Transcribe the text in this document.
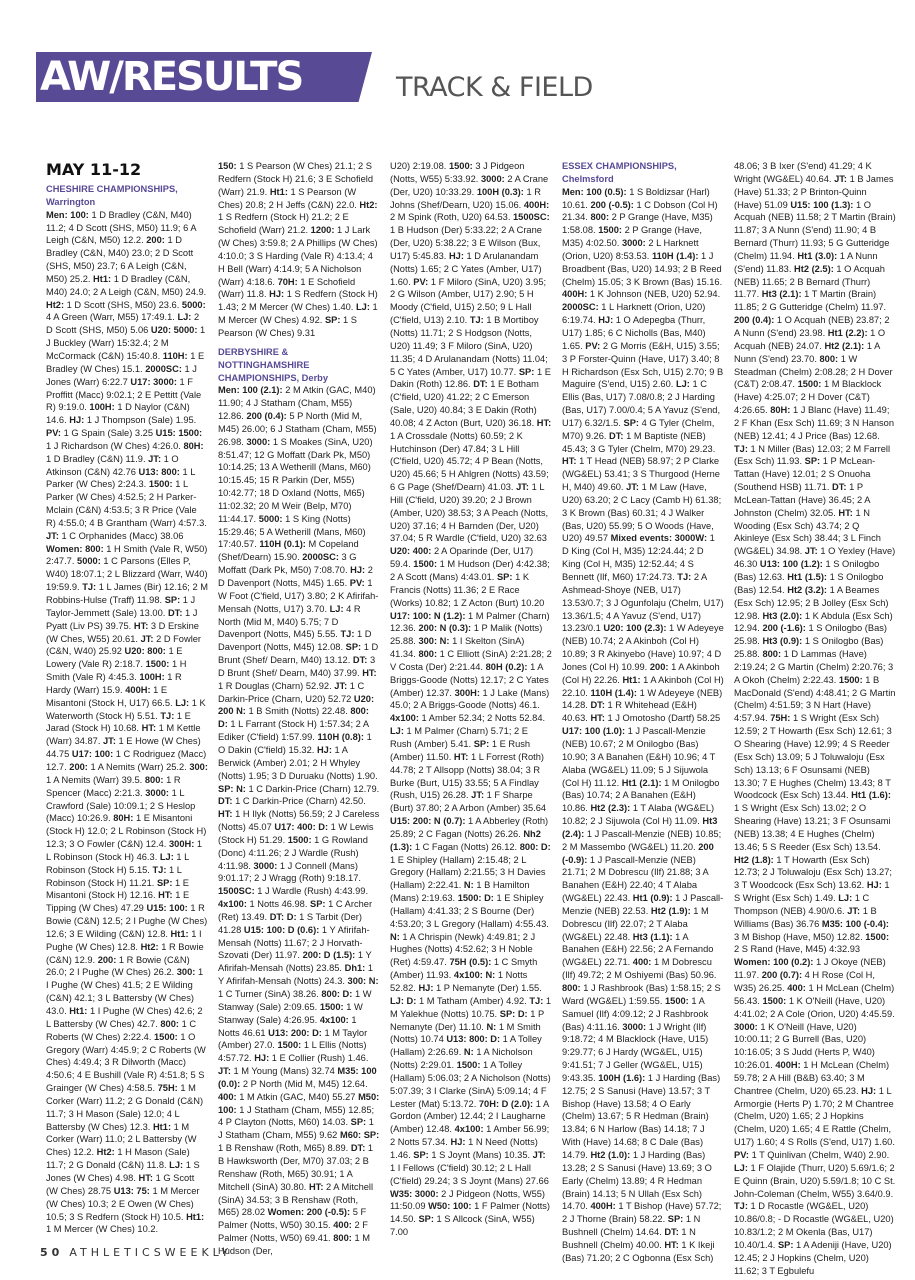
AW/RESULTS	TRACK & FIELD
MAY 11-12
CHESHIRE CHAMPIONSHIPS, Warrington
Men: 100: 1 D Bradley (C&N, M40) 11.2; 4 D Scott (SHS, M50) 11.9; 6 A Leigh (C&N, M50) 12.2. 200: 1 D Bradley (C&N, M40) 23.0; 2 D Scott (SHS, M50) 23.7; 6 A Leigh (C&N, M50) 25.2. Ht1: 1 D Bradley (C&N, M40) 24.0; 2 A Leigh (C&N, M50) 24.9. Ht2: 1 D Scott (SHS, M50) 23.6. 5000: 4 A Green (Warr, M55) 17:49.1. LJ: 2 D Scott (SHS, M50) 5.06 U20: 5000: 1 J Buckley (Warr) 15:32.4; 2 M McCormack (C&N) 15:40.8. 110H: 1 E Bradley (W Ches) 15.1. 2000SC: 1 J Jones (Warr) 6:22.7 U17: 3000: 1 F Proffitt (Macc) 9:02.1; 2 E Pettitt (Vale R) 9:19.0. 100H: 1 D Naylor (C&N) 14.6. HJ: 1 J Thompson (Sale) 1.95. PV: 1 G Spain (Sale) 3.25 U15: 1500: 1 J Richardson (W Ches) 4:26.0. 80H: 1 D Bradley (C&N) 11.9. JT: 1 O Atkinson (C&N) 42.76 U13: 800: 1 L Parker (W Ches) 2:24.3. 1500: 1 L Parker (W Ches) 4:52.5; 2 H Parker-Mclain (C&N) 4:53.5; 3 R Price (Vale R) 4:55.0; 4 B Grantham (Warr) 4:57.3. JT: 1 C Orphanides (Macc) 38.06 Women: 800: 1 H Smith (Vale R, W50) 2:47.7. 5000: 1 C Parsons (Elles P, W40) 18:07.1; 2 L Blizzard (Warr, W40) 19:59.9. TJ: 1 L James (Bir) 12.16; 2 M Robbins-Hulse (Traff) 11.98. SP: 1 J Taylor-Jemmett (Sale) 13.00. DT: 1 J Pyatt (Liv PS) 39.75. HT: 3 D Erskine (W Ches, W55) 20.61. JT: 2 D Fowler (C&N, W40) 25.92 U20: 800: 1 E Lowery (Vale R) 2:18.7. 1500: 1 H Smith (Vale R) 4:45.3. 100H: 1 R Hardy (Warr) 15.9. 400H: 1 E Misantoni (Stock H, U17) 66.5. LJ: 1 K Waterworth (Stock H) 5.51. TJ: 1 E Jarad (Stock H) 10.68. HT: 1 M Kettle (Warr) 34.87. JT: 1 E Howe (W Ches) 44.75 U17: 100: 1 C Rodriguez (Macc) 12.7. 200: 1 A Nemits (Warr) 25.2. 300: 1 A Nemits (Warr) 39.5. 800: 1 R Spencer (Macc) 2:21.3. 3000: 1 L Crawford (Sale) 10:09.1; 2 S Heslop (Macc) 10:26.9. 80H: 1 E Misantoni (Stock H) 12.0; 2 L Robinson (Stock H) 12.3; 3 O Fowler (C&N) 12.4. 300H: 1 L Robinson (Stock H) 46.3. LJ: 1 L Robinson (Stock H) 5.15. TJ: 1 L Robinson (Stock H) 11.21. SP: 1 E Misantoni (Stock H) 12.16. HT: 1 E Tipping (W Ches) 47.29 U15: 100: 1 R Bowie (C&N) 12.5; 2 I Pughe (W Ches) 12.6; 3 E Wilding (C&N) 12.8. Ht1: 1 I Pughe (W Ches) 12.8. Ht2: 1 R Bowie (C&N) 12.9. 200: 1 R Bowie (C&N) 26.0; 2 I Pughe (W Ches) 26.2. 300: 1 I Pughe (W Ches) 41.5; 2 E Wilding (C&N) 42.1; 3 L Battersby (W Ches) 43.0. Ht1: 1 I Pughe (W Ches) 42.6; 2 L Battersby (W Ches) 42.7. 800: 1 C Roberts (W Ches) 2:22.4. 1500: 1 O Gregory (Warr) 4:45.9; 2 C Roberts (W Ches) 4:49.4; 3 R Dilworth (Macc) 4:50.6; 4 E Bushill (Vale R) 4:51.8; 5 S Grainger (W Ches) 4:58.5. 75H: 1 M Corker (Warr) 11.2; 2 G Donald (C&N) 11.7; 3 H Mason (Sale) 12.0; 4 L Battersby (W Ches) 12.3. Ht1: 1 M Corker (Warr) 11.0; 2 L Battersby (W Ches) 12.2. Ht2: 1 H Mason (Sale) 11.7; 2 G Donald (C&N) 11.8. LJ: 1 S Jones (W Ches) 4.98. HT: 1 G Scott (W Ches) 28.75 U13: 75: 1 M Mercer (W Ches) 10.3; 2 E Owen (W Ches) 10.5; 3 S Redfern (Stock H) 10.5. Ht1: 1 M Mercer (W Ches) 10.2.
150: 1 S Pearson (W Ches) 21.1; 2 S Redfern (Stock H) 21.6; 3 E Schofield (Warr) 21.9. Ht1: 1 S Pearson (W Ches) 20.8; 2 H Jeffs (C&N) 22.0. Ht2: 1 S Redfern (Stock H) 21.2; 2 E Schofield (Warr) 21.2. 1200: 1 J Lark (W Ches) 3:59.8; 2 A Phillips (W Ches) 4:10.0; 3 S Harding (Vale R) 4:13.4; 4 H Bell (Warr) 4:14.9; 5 A Nicholson (Warr) 4:18.6. 70H: 1 E Schofield (Warr) 11.8. HJ: 1 S Redfern (Stock H) 1.43; 2 M Mercer (W Ches) 1.40. LJ: 1 M Mercer (W Ches) 4.92. SP: 1 S Pearson (W Ches) 9.31
DERBYSHIRE & NOTTINGHAMSHIRE CHAMPIONSHIPS, Derby
Men: 100 (2.1): 2 M Atkin (GAC, M40) 11.90; 4 J Statham (Cham, M55) 12.86. 200 (0.4): 5 P North (Mid M, M45) 26.00; 6 J Statham (Cham, M55) 26.98. 3000: 1 S Moakes (SinA, U20) 8:51.47; 12 G Moffatt (Dark Pk, M50) 10:14.25; 13 A Wetherill (Mans, M60) 10:15.45; 15 R Parkin (Der, M55) 10:42.77; 18 D Oxland (Notts, M65) 11:02.32; 20 M Weir (Belp, M70) 11:44.17. 5000: 1 S King (Notts) 15:29.46; 5 A Wetherill (Mans, M60) 17:40.57. 110H (0.1): M Copeland (Shef/Dearn) 15.90. 2000SC: 3 G Moffatt (Dark Pk, M50) 7:08.70. HJ: 2 D Davenport (Notts, M45) 1.65. PV: 1 W Foot (C'field, U17) 3.80; 2 K Afirifah-Mensah (Notts, U17) 3.70. LJ: 4 R North (Mid M, M40) 5.75; 7 D Davenport (Notts, M45) 5.55. TJ: 1 D Davenport (Notts, M45) 12.08. SP: 1 D Brunt (Shef/ Dearn, M40) 13.12. DT: 3 D Brunt (Shef/ Dearn, M40) 37.99. HT: 1 R Douglas (Charn) 52.92. JT: 1 C Darkin-Price (Charn, U20) 52.72 U20: 200 N: 1 B Smith (Notts) 22.48. 800: D: 1 L Farrant (Stock H) 1:57.34; 2 A Ediker (C'field) 1:57.99. 110H (0.8): 1 O Dakin (C'field) 15.32. HJ: 1 A Berwick (Amber) 2.01; 2 H Whyley (Notts) 1.95; 3 D Duruaku (Notts) 1.90. SP: N: 1 C Darkin-Price (Charn) 12.79. DT: 1 C Darkin-Price (Charn) 42.50. HT: 1 H Ilyk (Notts) 56.59; 2 J Careless (Notts) 45.07 U17: 400: D: 1 W Lewis (Stock H) 51.29. 1500: 1 G Rowland (Donc) 4:11.26; 2 J Wardle (Rush) 4:11.98. 3000: 1 J Connell (Mans) 9:01.17; 2 J Wragg (Roth) 9:18.17. 1500SC: 1 J Wardle (Rush) 4:43.99. 4x100: 1 Notts 46.98. SP: 1 C Archer (Ret) 13.49. DT: D: 1 S Tarbit (Der) 41.28 U15: 100: D (0.6): 1 Y Afirifah-Mensah (Notts) 11.67; 2 J Horvath-Szovati (Der) 11.97. 200: D (1.5): 1 Y Afirifah-Mensah (Notts) 23.85. Dh1: 1 Y Afirifah-Mensah (Notts) 24.3. 300: N: 1 C Turner (SinA) 38.26. 800: D: 1 W Stanway (Sale) 2:09.65. 1500: 1 W Stanway (Sale) 4:26.95. 4x100: 1 Notts 46.61 U13: 200: D: 1 M Taylor (Amber) 27.0. 1500: 1 L Ellis (Notts) 4:57.72. HJ: 1 E Collier (Rush) 1.46. JT: 1 M Young (Mans) 32.74 M35: 100 (0.0): 2 P North (Mid M, M45) 12.64. 400: 1 M Atkin (GAC, M40) 55.27 M50: 100: 1 J Statham (Cham, M55) 12.85; 4 P Clayton (Notts, M60) 14.03. SP: 1 J Statham (Cham, M55) 9.62 M60: SP: 1 B Renshaw (Roth, M65) 8.89. DT: 1 B Hawksworth (Der, M70) 37.03; 2 B Renshaw (Roth, M65) 30.91; 1 A Mitchell (SinA) 30.80. HT: 2 A Mitchell (SinA) 34.53; 3 B Renshaw (Roth, M65) 28.02 Women: 200 (-0.5): 5 F Palmer (Notts, W50) 30.15. 400: 2 F Palmer (Notts, W50) 69.41. 800: 1 M Hudson (Der,
U20) 2:19.08. 1500: 3 J Pidgeon (Notts, W55) 5:33.92. 3000: 2 A Crane (Der, U20) 10:33.29. 100H (0.3): 1 R Johns (Shef/Dearn, U20) 15.06. 400H: 2 M Spink (Roth, U20) 64.53. 1500SC: 1 B Hudson (Der) 5:33.22; 2 A Crane (Der, U20) 5:38.22; 3 E Wilson (Bux, U17) 5:45.83. HJ: 1 D Arulanandam (Notts) 1.65; 2 C Yates (Amber, U17) 1.60. PV: 1 F Miloro (SinA, U20) 3.95; 2 G Wilson (Amber, U17) 2.90; 5 H Moody (C'field, U15) 2.50; 9 L Hall (C'field, U13) 2.10. TJ: 1 B Mortiboy (Notts) 11.71; 2 S Hodgson (Notts, U20) 11.49; 3 F Miloro (SinA, U20) 11.35; 4 D Arulanandam (Notts) 11.04; 5 C Yates (Amber, U17) 10.77. SP: 1 E Dakin (Roth) 12.86. DT: 1 E Botham (C'field, U20) 41.22; 2 C Emerson (Sale, U20) 40.84; 3 E Dakin (Roth) 40.08; 4 Z Acton (Burt, U20) 36.18. HT: 1 A Crossdale (Notts) 60.59; 2 K Hutchinson (Der) 47.84; 3 L Hill (C'field, U20) 45.72; 4 P Bean (Notts, U20) 45.66; 5 H Ahlgren (Notts) 43.59; 6 G Page (Shef/Dearn) 41.03. JT: 1 L Hill (C'field, U20) 39.20; 2 J Brown (Amber, U20) 38.53; 3 A Peach (Notts, U20) 37.16; 4 H Barnden (Der, U20) 37.04; 5 R Wardle (C'field, U20) 32.63 U20: 400: 2 A Oparinde (Der, U17) 59.4. 1500: 1 M Hudson (Der) 4:42.38; 2 A Scott (Mans) 4:43.01. SP: 1 K Francis (Notts) 11.36; 2 E Race (Works) 10.82; 1 Z Acton (Burt) 10.20 U17: 100: N (1.2): 1 M Palmer (Charn) 12.36. 200: N (0.3): 1 P Malik (Notts) 25.88. 300: N: 1 I Skelton (SinA) 41.34. 800: 1 C Elliott (SinA) 2:21.28; 2 V Costa (Der) 2:21.44. 80H (0.2): 1 A Briggs-Goode (Notts) 12.17; 2 C Yates (Amber) 12.37. 300H: 1 J Lake (Mans) 45.0; 2 A Briggs-Goode (Notts) 46.1. 4x100: 1 Amber 52.34; 2 Notts 52.84. LJ: 1 M Palmer (Charn) 5.71; 2 E Rush (Amber) 5.41. SP: 1 E Rush (Amber) 11.50. HT: 1 L Forrest (Roth) 44.78; 2 T Allsopp (Notts) 38.04; 3 R Burke (Burt, U15) 33.55; 5 A Findlay (Rush, U15) 26.28. JT: 1 F Sharpe (Burt) 37.80; 2 A Arbon (Amber) 35.64 U15: 200: N (0.7): 1 A Abberley (Roth) 25.89; 2 C Fagan (Notts) 26.26. Nh2 (1.3): 1 C Fagan (Notts) 26.12. 800: D: 1 E Shipley (Hallam) 2:15.48; 2 L Gregory (Hallam) 2:21.55; 3 H Davies (Hallam) 2:22.41. N: 1 B Hamilton (Mans) 2:19.63. 1500: D: 1 E Shipley (Hallam) 4:41.33; 2 S Bourne (Der) 4:53.20; 3 L Gregory (Hallam) 4:55.43. N: 1 A Chrispin (Newk) 4:49.81; 2 J Hughes (Notts) 4:52.62; 3 H Noble (Ret) 4:59.47. 75H (0.5): 1 C Smyth (Amber) 11.93. 4x100: N: 1 Notts 52.82. HJ: 1 P Nemanyte (Der) 1.55. LJ: D: 1 M Tatham (Amber) 4.92. TJ: 1 M Yalekhue (Notts) 10.75. SP: D: 1 P Nemanyte (Der) 11.10. N: 1 M Smith (Notts) 10.74 U13: 800: D: 1 A Tolley (Hallam) 2:26.69. N: 1 A Nicholson (Notts) 2:29.01. 1500: 1 A Tolley (Hallam) 5:06.03; 2 A Nicholson (Notts) 5:07.39; 3 I Clarke (SinA) 5:09.14; 4 F Lester (Mat) 5:13.72. 70H: D (2.0): 1 A Gordon (Amber) 12.44; 2 I Laugharne (Amber) 12.48. 4x100: 1 Amber 56.99; 2 Notts 57.34. HJ: 1 N Need (Notts) 1.46. SP: 1 S Joynt (Mans) 10.35. JT: 1 I Fellows (C'field) 30.12; 2 L Hall (C'field) 29.24; 3 S Joynt (Mans) 27.66 W35: 3000: 2 J Pidgeon (Notts, W55) 11:50.09 W50: 100: 1 F Palmer (Notts) 14.50. SP: 1 S Allcock (SinA, W55) 7.00
ESSEX CHAMPIONSHIPS, Chelmsford
Men: 100 (0.5): 1 S Boldizsar (Harl) 10.61. 200 (-0.5): 1 C Dobson (Col H) 21.34. 800: 2 P Grange (Have, M35) 1:58.08. 1500: 2 P Grange (Have, M35) 4:02.50. 3000: 2 L Harknett (Orion, U20) 8:53.53. 110H (1.4): 1 J Broadbent (Bas, U20) 14.93; 2 B Reed (Chelm) 15.05; 3 K Brown (Bas) 15.16. 400H: 1 K Johnson (NEB, U20) 52.94. 2000SC: 1 L Harknett (Orion, U20) 6:19.74. HJ: 1 O Adepegba (Thurr, U17) 1.85; 6 C Nicholls (Bas, M40) 1.65. PV: 2 G Morris (E&H, U15) 3.55; 3 P Forster-Quinn (Have, U17) 3.40; 8 H Richardson (Esx Sch, U15) 2.70; 9 B Maguire (S'end, U15) 2.60. LJ: 1 C Ellis (Bas, U17) 7.08/0.8; 2 J Harding (Bas, U17) 7.00/0.4; 5 A Yavuz (S'end, U17) 6.32/1.5. SP: 4 G Tyler (Chelm, M70) 9.26. DT: 1 M Baptiste (NEB) 45.43; 3 G Tyler (Chelm, M70) 29.23. HT: 1 T Head (NEB) 58.97; 2 P Clarke (WG&EL) 53.41; 3 S Thurgood (Herne H, M40) 49.60. JT: 1 M Law (Have, U20) 63.20; 2 C Lacy (Camb H) 61.38; 3 K Brown (Bas) 60.31; 4 J Walker (Bas, U20) 55.99; 5 O Woods (Have, U20) 49.57 Mixed events: 3000W: 1 D King (Col H, M35) 12:24.44; 2 D King (Col H, M35) 12:52.44; 4 S Bennett (Ilf, M60) 17:24.73. TJ: 2 A Ashmead-Shoye (NEB, U17) 13.53/0.7; 3 J Ogunfolaju (Chelm, U17) 13.36/1.5; 4 A Yavuz (S'end, U17) 13.23/0.1 U20: 100 (2.3): 1 W Adeyeye (NEB) 10.74; 2 A Akinboh (Col H) 10.89; 3 R Akinyebo (Have) 10.97; 4 D Jones (Col H) 10.99. 200: 1 A Akinboh (Col H) 22.26. Ht1: 1 A Akinboh (Col H) 22.10. 110H (1.4): 1 W Adeyeye (NEB) 14.28. DT: 1 R Whitehead (E&H) 40.63. HT: 1 J Omotosho (Dartf) 58.25 U17: 100 (1.0): 1 J Pascall-Menzie (NEB) 10.67; 2 M Onilogbo (Bas) 10.90; 3 A Banahen (E&H) 10.96; 4 T Alaba (WG&EL) 11.09; 5 J Sijuwola (Col H) 11.12. Ht1 (2.1): 1 M Onilogbo (Bas) 10.74; 2 A Banahen (E&H) 10.86. Ht2 (2.3): 1 T Alaba (WG&EL) 10.82; 2 J Sijuwola (Col H) 11.09. Ht3 (2.4): 1 J Pascall-Menzie (NEB) 10.85; 2 M Massembo (WG&EL) 11.20. 200 (-0.9): 1 J Pascall-Menzie (NEB) 21.71; 2 M Dobrescu (Ilf) 21.88; 3 A Banahen (E&H) 22.40; 4 T Alaba (WG&EL) 22.43. Ht1 (0.9): 1 J Pascall-Menzie (NEB) 22.53. Ht2 (1.9): 1 M Dobrescu (Ilf) 22.07; 2 T Alaba (WG&EL) 22.48. Ht3 (1.1): 1 A Banahen (E&H) 22.56; 2 A Fernando (WG&EL) 22.71. 400: 1 M Dobrescu (Ilf) 49.72; 2 M Oshiyemi (Bas) 50.96. 800: 1 J Rashbrook (Bas) 1:58.15; 2 S Ward (WG&EL) 1:59.55. 1500: 1 A Samuel (Ilf) 4:09.12; 2 J Rashbrook (Bas) 4:11.16. 3000: 1 J Wright (Ilf) 9:18.72; 4 M Blacklock (Have, U15) 9:29.77; 6 J Hardy (WG&EL, U15) 9:41.51; 7 J Geller (WG&EL, U15) 9:43.35. 100H (1.6): 1 J Harding (Bas) 12.75; 2 S Sanusi (Have) 13.57; 3 T Bishop (Have) 13.58; 4 O Early (Chelm) 13.67; 5 R Hedman (Brain) 13.84; 6 N Harlow (Bas) 14.18; 7 J With (Have) 14.68; 8 C Dale (Bas) 14.79. Ht2 (1.0): 1 J Harding (Bas) 13.28; 2 S Sanusi (Have) 13.69; 3 O Early (Chelm) 13.89; 4 R Hedman (Brain) 14.13; 5 N Ullah (Esx Sch) 14.70. 400H: 1 T Bishop (Have) 57.72; 2 J Thorne (Brain) 58.22. SP: 1 N Bushnell (Chelm) 14.64. DT: 1 N Bushnell (Chelm) 40.00. HT: 1 K Ikeji (Bas) 71.20; 2 C Ogbonna (Esx Sch)
48.06; 3 B Ixer (S'end) 41.29; 4 K Wright (WG&EL) 40.64. JT: 1 B James (Have) 51.33; 2 P Brinton-Quinn (Have) 51.09 U15: 100 (1.3): 1 O Acquah (NEB) 11.58; 2 T Martin (Brain) 11.87; 3 A Nunn (S'end) 11.90; 4 B Bernard (Thurr) 11.93; 5 G Gutteridge (Chelm) 11.94. Ht1 (3.0): 1 A Nunn (S'end) 11.83. Ht2 (2.5): 1 O Acquah (NEB) 11.65; 2 B Bernard (Thurr) 11.77. Ht3 (2.1): 1 T Martin (Brain) 11.85; 2 G Gutteridge (Chelm) 11.97. 200 (0.4): 1 O Acquah (NEB) 23.87; 2 A Nunn (S'end) 23.98. Ht1 (2.2): 1 O Acquah (NEB) 24.07. Ht2 (2.1): 1 A Nunn (S'end) 23.70. 800: 1 W Steadman (Chelm) 2:08.28; 2 H Dover (C&T) 2:08.47. 1500: 1 M Blacklock (Have) 4:25.07; 2 H Dover (C&T) 4:26.65. 80H: 1 J Blanc (Have) 11.49; 2 F Khan (Esx Sch) 11.69; 3 N Hanson (NEB) 12.41; 4 J Price (Bas) 12.68. TJ: 1 N Miller (Bas) 12.03; 2 M Farrell (Esx Sch) 11.93. SP: 1 P McLean-Tattan (Have) 12.01; 2 S Onuoha (Southend HSB) 11.71. DT: 1 P McLean-Tattan (Have) 36.45; 2 A Johnston (Chelm) 32.05. HT: 1 N Wooding (Esx Sch) 43.74; 2 Q Akinleye (Esx Sch) 38.44; 3 L Finch (WG&EL) 34.98. JT: 1 O Yexley (Have) 46.30 U13: 100 (1.2): 1 S Onilogbo (Bas) 12.63. Ht1 (1.5): 1 S Onilogbo (Bas) 12.54. Ht2 (3.2): 1 A Beames (Esx Sch) 12.95; 2 B Jolley (Esx Sch) 12.98. Ht3 (2.0): 1 K Abdula (Esx Sch) 12.94. 200 (-1.6): 1 S Onilogbo (Bas) 25.98. Ht3 (0.9): 1 S Onilogbo (Bas) 25.88. 800: 1 D Lammas (Have) 2:19.24; 2 G Martin (Chelm) 2:20.76; 3 A Okoh (Chelm) 2:22.43. 1500: 1 B MacDonald (S'end) 4:48.41; 2 G Martin (Chelm) 4:51.59; 3 N Hart (Have) 4:57.94. 75H: 1 S Wright (Esx Sch) 12.59; 2 T Howarth (Esx Sch) 12.61; 3 O Shearing (Have) 12.99; 4 S Reeder (Esx Sch) 13.09; 5 J Toluwaloju (Esx Sch) 13.13; 6 F Osunsami (NEB) 13.30; 7 E Hughes (Chelm) 13.43; 8 T Woodcock (Esx Sch) 13.44. Ht1 (1.6): 1 S Wright (Esx Sch) 13.02; 2 O Shearing (Have) 13.21; 3 F Osunsami (NEB) 13.38; 4 E Hughes (Chelm) 13.46; 5 S Reeder (Esx Sch) 13.54. Ht2 (1.8): 1 T Howarth (Esx Sch) 12.73; 2 J Toluwaloju (Esx Sch) 13.27; 3 T Woodcock (Esx Sch) 13.62. HJ: 1 S Wright (Esx Sch) 1.49. LJ: 1 C Thompson (NEB) 4.90/0.6. JT: 1 B Williams (Bas) 36.76 M35: 100 (-0.4): 3 M Bishop (Have, M50) 12.82. 1500: 2 S Rand (Have, M45) 4:32.93 Women: 100 (0.2): 1 J Okoye (NEB) 11.97. 200 (0.7): 4 H Rose (Col H, W35) 26.25. 400: 1 H McLean (Chelm) 56.43. 1500: 1 K O'Neill (Have, U20) 4:41.02; 2 A Cole (Orion, U20) 4:45.59. 3000: 1 K O'Neill (Have, U20) 10:00.11; 2 G Burrell (Bas, U20) 10:16.05; 3 S Judd (Herts P, W40) 10:26.01. 400H: 1 H McLean (Chelm) 59.78; 2 A Hill (B&B) 63.40; 3 M Chantree (Chelm, U20) 65.23. HJ: 1 L Armorgie (Herts P) 1.70; 2 M Chantree (Chelm, U20) 1.65; 2 J Hopkins (Chelm, U20) 1.65; 4 E Rattle (Chelm, U17) 1.60; 4 S Rolls (S'end, U17) 1.60. PV: 1 T Quinlivan (Chelm, W40) 2.90. LJ: 1 F Olajide (Thurr, U20) 5.69/1.6; 2 E Quinn (Brain, U20) 5.59/1.8; 10 C St. John-Coleman (Chelm, W55) 3.64/0.9. TJ: 1 D Rocastle (WG&EL, U20) 10.86/0.8; - D Rocastle (WG&EL, U20) 10.83/1.2; 2 M Okenla (Bas, U17) 10.40/1.4. SP: 1 A Adeniji (Have, U20) 12.45; 2 J Hopkins (Chelm, U20) 11.62; 3 T Egbulefu
50 ATHLETICSWEEKLY
